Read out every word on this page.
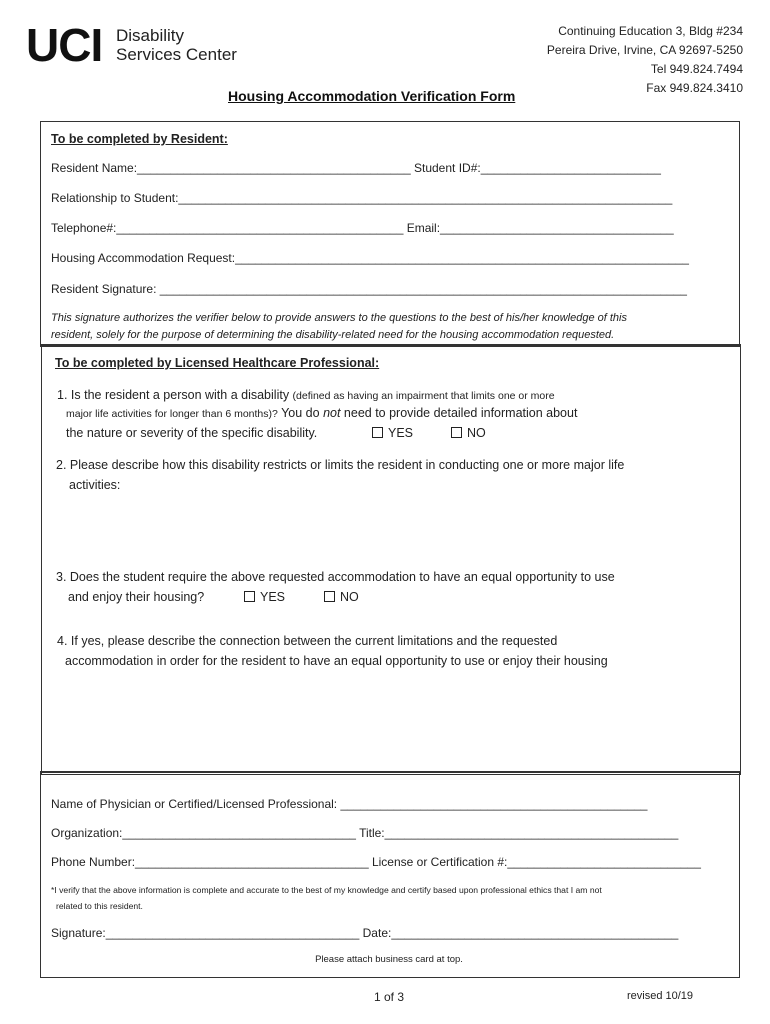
UCI Disability
Services Center
Continuing Education 3, Bldg #234
Pereira Drive, Irvine, CA 92697-5250
Tel 949.824.7494
Fax 949.824.3410
Housing Accommodation Verification Form
To be completed by Resident:
Resident Name:_________________________________________ Student ID#:___________________________
Relationship to Student:__________________________________________________________________________
Telephone#:___________________________________________ Email:___________________________________
Housing Accommodation Request:____________________________________________________________________
Resident Signature: _______________________________________________________________________________
This signature authorizes the verifier below to provide answers to the questions to the best of his/her knowledge of this
resident, solely for the purpose of determining the disability-related need for the housing accommodation requested.
To be completed by Licensed Healthcare Professional:
1. Is the resident a person with a disability (defined as having an impairment that limits one or more
major life activities for longer than 6 months)? You do not need to provide detailed information about
the nature or severity of the specific disability.	YES	NO
2. Please describe how this disability restricts or limits the resident in conducting one or more major life
activities:
3. Does the student require the above requested accommodation to have an equal opportunity to use
and enjoy their housing?	YES	NO
4. If yes, please describe the connection between the current limitations and the requested
accommodation in order for the resident to have an equal opportunity to use or enjoy their housing
Name of Physician or Certified/Licensed Professional: ______________________________________________
Organization:___________________________________ Title:____________________________________________
Phone Number:___________________________________ License or Certification #:_____________________________
*I verify that the above information is complete and accurate to the best of my knowledge and certify based upon professional ethics that I am not
related to this resident.
Signature:______________________________________ Date:___________________________________________
Please attach business card at top.
1 of 3	revised 10/19
